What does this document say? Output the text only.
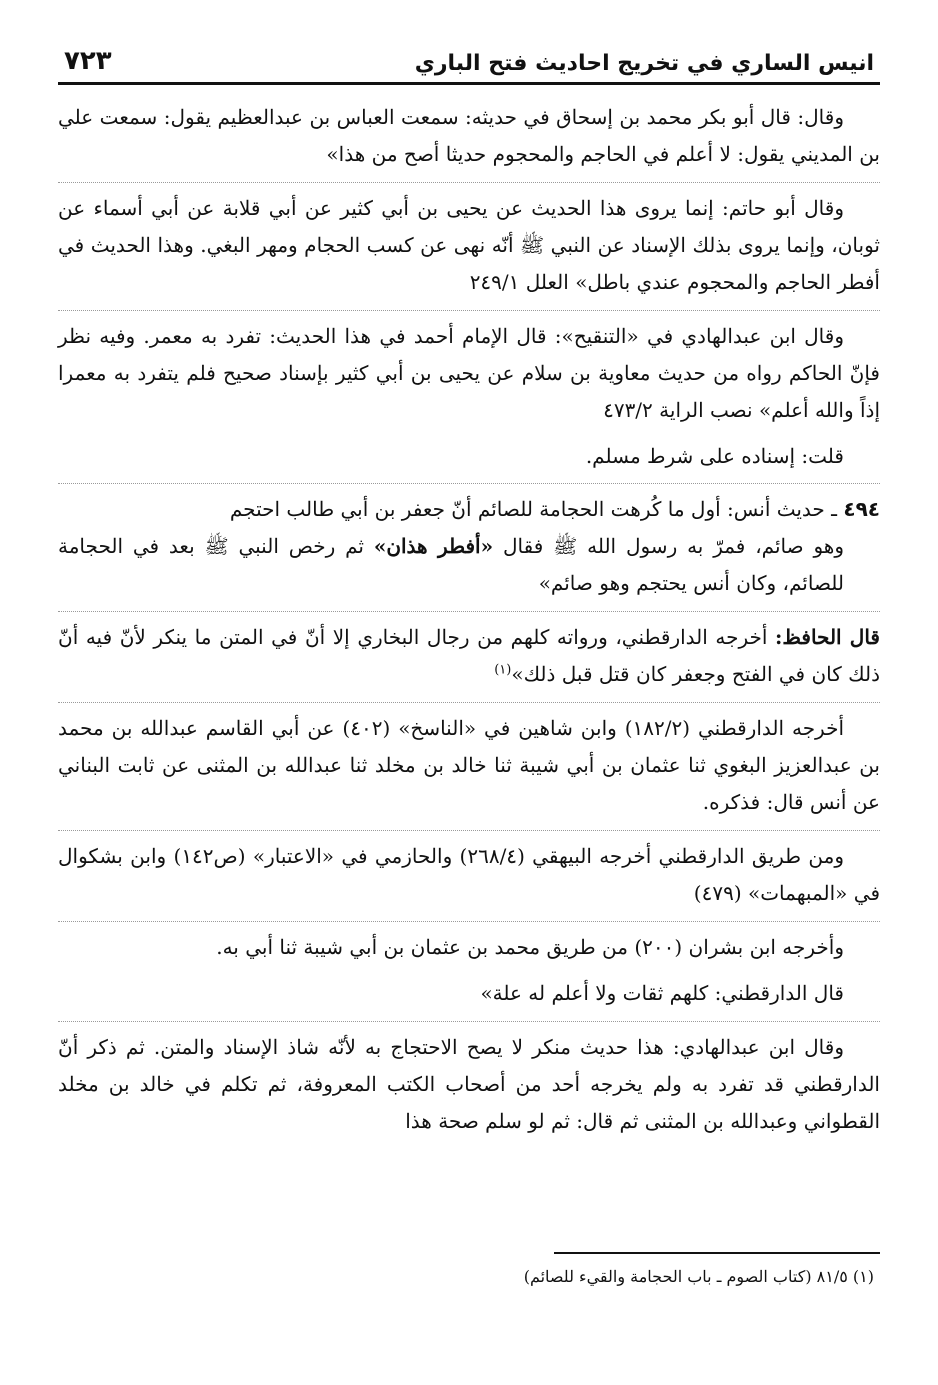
انيس الساري في تخريج احاديث فتح الباري
٧٢٣

وقال: قال أبو بكر محمد بن إسحاق في حديثه: سمعت العباس بن عبدالعظيم يقول: سمعت علي بن المديني يقول: لا أعلم في الحاجم والمحجوم حديثا أصح من هذا»

وقال أبو حاتم: إنما يروى هذا الحديث عن يحيى بن أبي كثير عن أبي قلابة عن أبي أسماء عن ثوبان، وإنما يروى بذلك الإسناد عن النبي ﷺ أنّه نهى عن كسب الحجام ومهر البغي. وهذا الحديث في أفطر الحاجم والمحجوم عندي باطل» العلل ٢٤٩/١

وقال ابن عبدالهادي في «التنقيح»: قال الإمام أحمد في هذا الحديث: تفرد به معمر. وفيه نظر فإنّ الحاكم رواه من حديث معاوية بن سلام عن يحيى بن أبي كثير بإسناد صحيح فلم يتفرد به معمرا إذاً والله أعلم» نصب الراية ٤٧٣/٢

قلت: إسناده على شرط مسلم.

٤٩٤ ـ حديث أنس: أول ما كُرهت الحجامة للصائم أنّ جعفر بن أبي طالب احتجم
وهو صائم، فمرّ به رسول الله ﷺ فقال «أفطر هذان» ثم رخص النبي ﷺ بعد في الحجامة للصائم، وكان أنس يحتجم وهو صائم»

قال الحافظ: أخرجه الدارقطني، ورواته كلهم من رجال البخاري إلا أنّ في المتن ما ينكر لأنّ فيه أنّ ذلك كان في الفتح وجعفر كان قتل قبل ذلك»$^{(١)}$

أخرجه الدارقطني (١٨٢/٢) وابن شاهين في «الناسخ» (٤٠٢) عن أبي القاسم عبدالله بن محمد بن عبدالعزيز البغوي ثنا عثمان بن أبي شيبة ثنا خالد بن مخلد ثنا عبدالله بن المثنى عن ثابت البناني عن أنس قال: فذكره.

ومن طريق الدارقطني أخرجه البيهقي (٢٦٨/٤) والحازمي في «الاعتبار» (ص١٤٢) وابن بشكوال في «المبهمات» (٤٧٩)

وأخرجه ابن بشران (٢٠٠) من طريق محمد بن عثمان بن أبي شيبة ثنا أبي به.

قال الدارقطني: كلهم ثقات ولا أعلم له علة»

وقال ابن عبدالهادي: هذا حديث منكر لا يصح الاحتجاج به لأنّه شاذ الإسناد والمتن. ثم ذكر أنّ الدارقطني قد تفرد به ولم يخرجه أحد من أصحاب الكتب المعروفة، ثم تكلم في خالد بن مخلد القطواني وعبدالله بن المثنى ثم قال: ثم لو سلم صحة هذا

(١) ٨١/٥ (كتاب الصوم ـ باب الحجامة والقيء للصائم)
